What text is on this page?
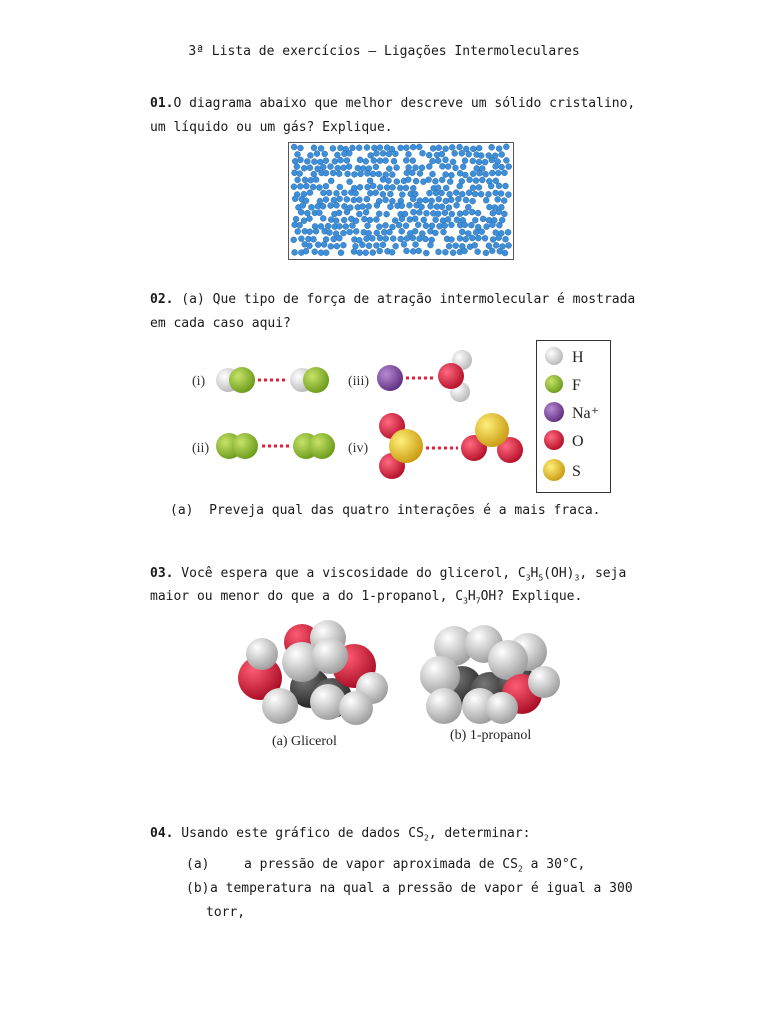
3ª Lista de exercícios – Ligações Intermoleculares
01.O diagrama abaixo que melhor descreve um sólido cristalino,
um líquido ou um gás? Explique.
02. (a) Que tipo de força de atração intermolecular é mostrada
em cada caso aqui?
(i)	(iii)
(ii)	(iv)
H
F
Na⁺
O
S
(a)  Preveja qual das quatro interações é a mais fraca.
03. Você espera que a viscosidade do glicerol, $C_3H_5(OH)_3$, seja
maior ou menor do que a do 1-propanol, $C_3H_7OH$? Explique.
(a) Glicerol	(b) 1-propanol
04. Usando este gráfico de dados $CS_2$, determinar:
(a)	a pressão de vapor aproximada de $CS_2$ a 30°C,
(b) a temperatura na qual a pressão de vapor é igual a 300
torr,
